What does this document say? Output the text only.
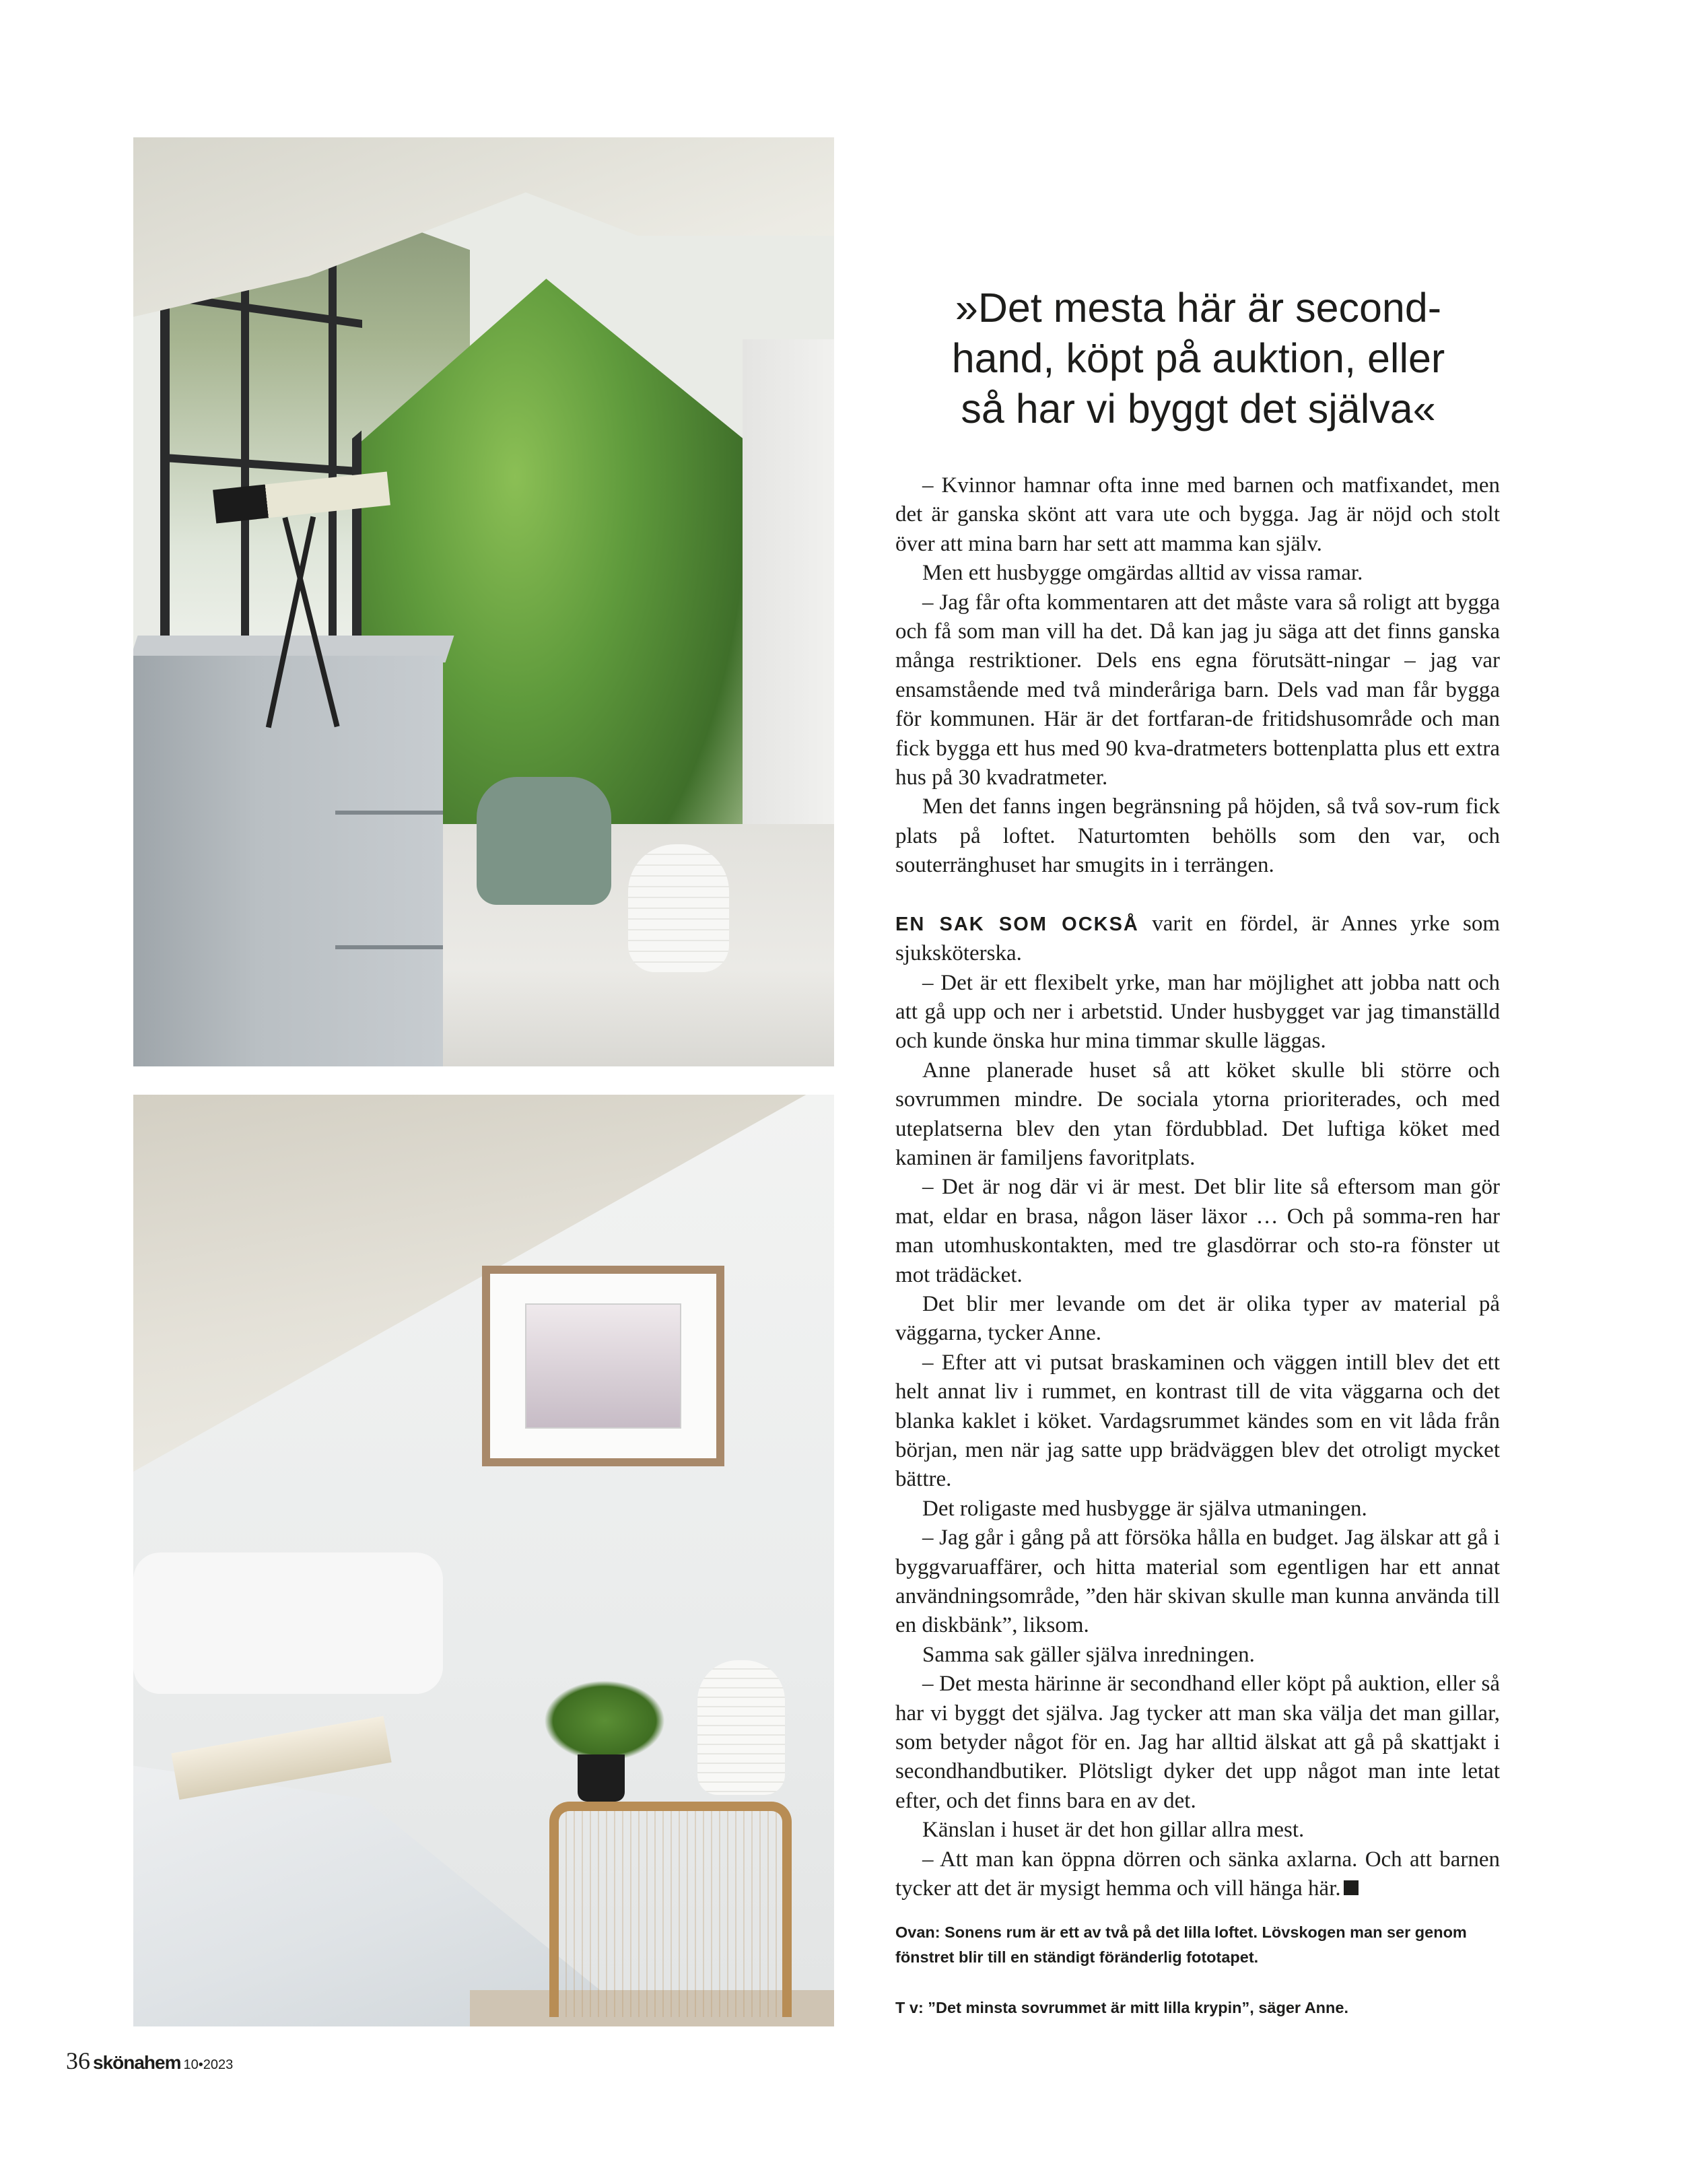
»Det mesta här är second-
hand, köpt på auktion, eller
så har vi byggt det själva«

– Kvinnor hamnar ofta inne med barnen och matfixandet, men det är ganska skönt att vara ute och bygga. Jag är nöjd och stolt över att mina barn har sett att mamma kan själv.

Men ett husbygge omgärdas alltid av vissa ramar.

– Jag får ofta kommentaren att det måste vara så roligt att bygga och få som man vill ha det. Då kan jag ju säga att det finns ganska många restriktioner. Dels ens egna förutsätt-ningar – jag var ensamstående med två minderåriga barn. Dels vad man får bygga för kommunen. Här är det fortfaran-de fritidshusområde och man fick bygga ett hus med 90 kva-dratmeters bottenplatta plus ett extra hus på 30 kvadratmeter.

Men det fanns ingen begränsning på höjden, så två sov-rum fick plats på loftet. Naturtomten behölls som den var, och souterränghuset har smugits in i terrängen.

EN SAK SOM OCKSÅ varit en fördel, är Annes yrke som sjuksköterska.

– Det är ett flexibelt yrke, man har möjlighet att jobba natt och att gå upp och ner i arbetstid. Under husbygget var jag timanställd och kunde önska hur mina timmar skulle läggas.

Anne planerade huset så att köket skulle bli större och sovrummen mindre. De sociala ytorna prioriterades, och med uteplatserna blev den ytan fördubblad. Det luftiga köket med kaminen är familjens favoritplats.

– Det är nog där vi är mest. Det blir lite så eftersom man gör mat, eldar en brasa, någon läser läxor … Och på somma-ren har man utomhuskontakten, med tre glasdörrar och sto-ra fönster ut mot trädäcket.

Det blir mer levande om det är olika typer av material på väggarna, tycker Anne.

– Efter att vi putsat braskaminen och väggen intill blev det ett helt annat liv i rummet, en kontrast till de vita väggarna och det blanka kaklet i köket. Vardagsrummet kändes som en vit låda från början, men när jag satte upp brädväggen blev det otroligt mycket bättre.

Det roligaste med husbygge är själva utmaningen.

– Jag går i gång på att försöka hålla en budget. Jag älskar att gå i byggvaruaffärer, och hitta material som egentligen har ett annat användningsområde, ”den här skivan skulle man kunna använda till en diskbänk”, liksom.

Samma sak gäller själva inredningen.

– Det mesta härinne är secondhand eller köpt på auktion, eller så har vi byggt det själva. Jag tycker att man ska välja det man gillar, som betyder något för en. Jag har alltid älskat att gå på skattjakt i secondhandbutiker. Plötsligt dyker det upp något man inte letat efter, och det finns bara en av det.

Känslan i huset är det hon gillar allra mest.

– Att man kan öppna dörren och sänka axlarna. Och att barnen tycker att det är mysigt hemma och vill hänga här.

Ovan: Sonens rum är ett av två på det lilla loftet. Lövskogen man ser genom fönstret blir till en ständigt föränderlig fototapet.

T v: ”Det minsta sovrummet är mitt lilla krypin”, säger Anne.

36 skönahem 10•2023
